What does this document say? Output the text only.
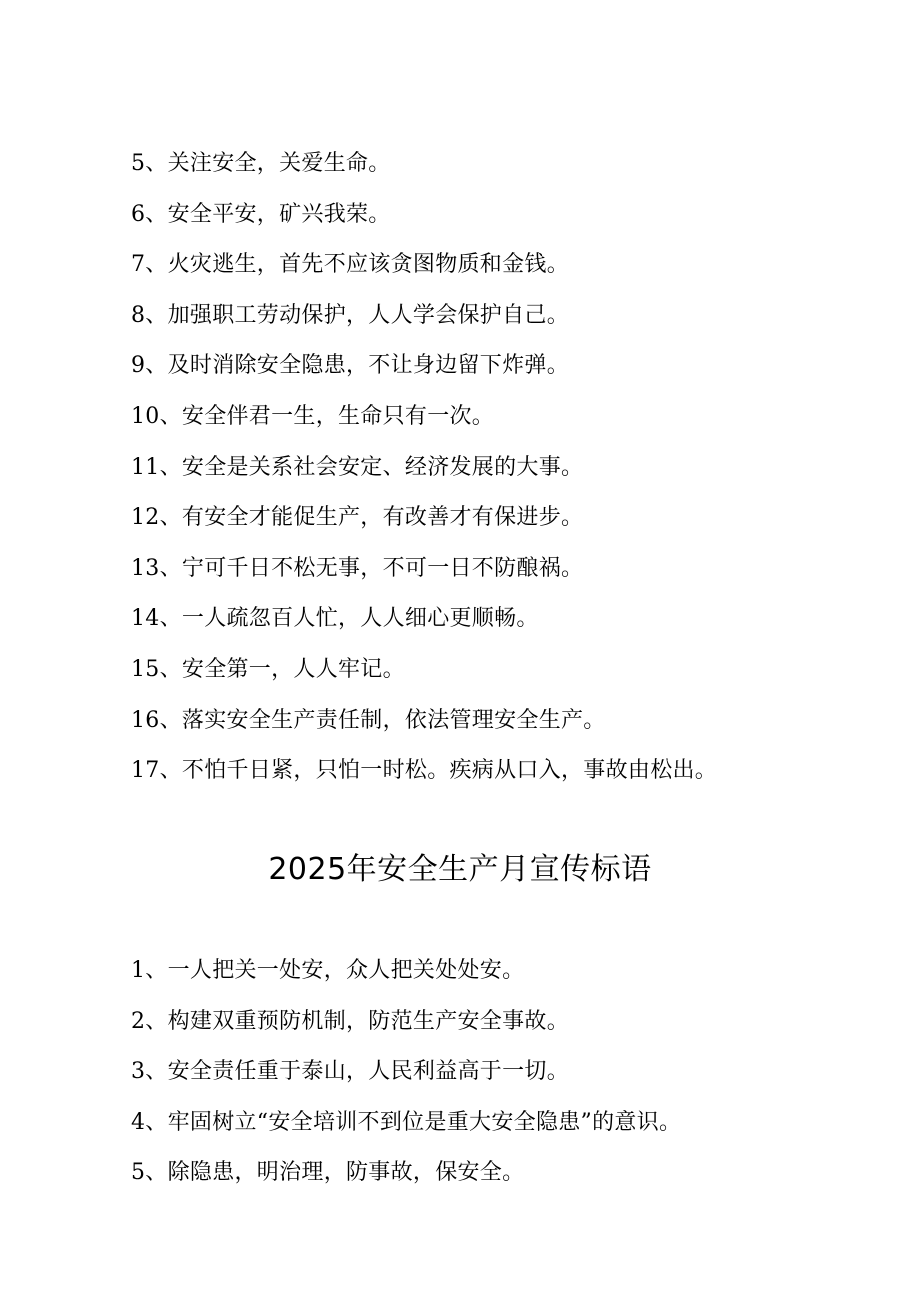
5、关注安全，关爱生命。
6、安全平安，矿兴我荣。
7、火灾逃生，首先不应该贪图物质和金钱。
8、加强职工劳动保护，人人学会保护自己。
9、及时消除安全隐患，不让身边留下炸弹。
10、安全伴君一生，生命只有一次。
11、安全是关系社会安定、经济发展的大事。
12、有安全才能促生产，有改善才有保进步。
13、宁可千日不松无事，不可一日不防酿祸。
14、一人疏忽百人忙，人人细心更顺畅。
15、安全第一，人人牢记。
16、落实安全生产责任制，依法管理安全生产。
17、不怕千日紧，只怕一时松。疾病从口入，事故由松出。
2025年安全生产月宣传标语
1、一人把关一处安，众人把关处处安。
2、构建双重预防机制，防范生产安全事故。
3、安全责任重于泰山，人民利益高于一切。
4、牢固树立“安全培训不到位是重大安全隐患”的意识。
5、除隐患，明治理，防事故，保安全。
